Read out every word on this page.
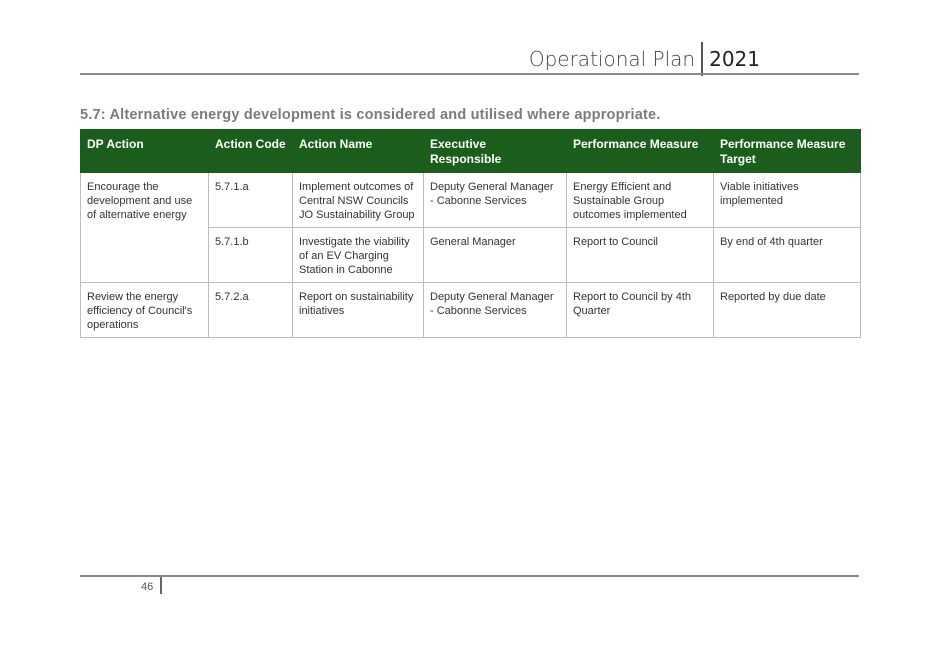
Operational Plan 2021
5.7: Alternative energy development is considered and utilised where appropriate.
DP Action	Action Code	Action Name	Executive Responsible	Performance Measure	Performance Measure Target
Encourage the development and use of alternative energy	5.7.1.a	Implement outcomes of Central NSW Councils JO Sustainability Group	Deputy General Manager - Cabonne Services	Energy Efficient and Sustainable Group outcomes implemented	Viable initiatives implemented
	5.7.1.b	Investigate the viability of an EV Charging Station in Cabonne	General Manager	Report to Council	By end of 4th quarter
Review the energy efficiency of Council's operations	5.7.2.a	Report on sustainability initiatives	Deputy General Manager - Cabonne Services	Report to Council by 4th Quarter	Reported by due date
46
